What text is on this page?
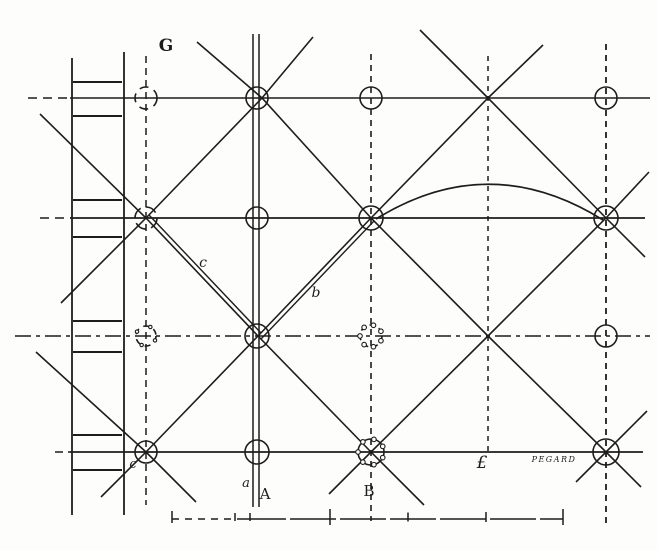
G
c
b
a
A
c
B
£	PEGARD
